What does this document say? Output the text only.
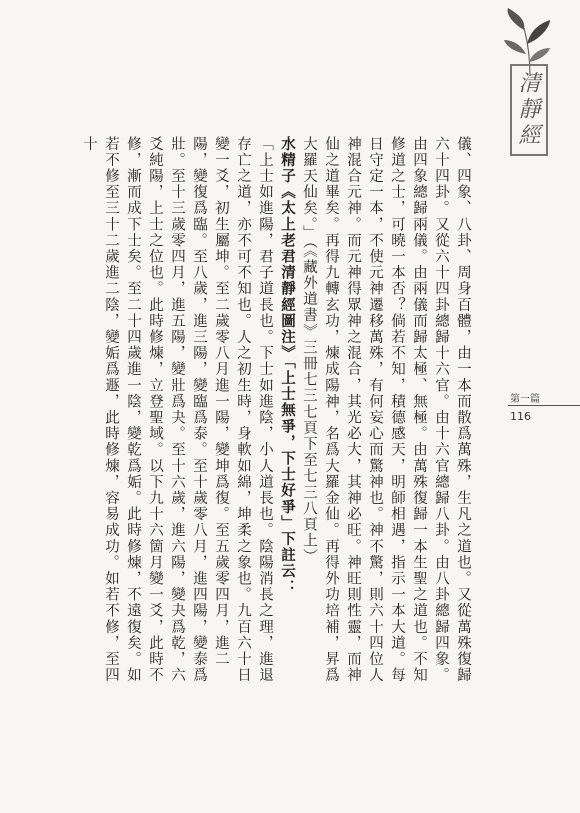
清靜經
第一篇
116

儀、四象、八卦、周身百體，由一本而散爲萬殊，生凡之道也。又從萬殊復歸六十四卦。又從六十四卦總歸十六官。由十六官總歸八卦。由八卦總歸四象。由四象總歸兩儀。由兩儀而歸太極、無極。由萬殊復歸一本生聖之道也。不知修道之士，可曉一本否？倘若不知，積德感天，明師相遇，指示一本大道。每日守定一本，不使元神遷移萬殊，有何妄心而驚神也。神不驚，則六十四位人神混合元神。而元神得眾神之混合，其光必大，其神必旺。神旺則性靈，而神仙之道畢矣。再得九轉玄功，煉成陽神，名爲大羅金仙。再得外功培補，昇爲大羅天仙矣。」（《藏外道書》三冊七三七頁下至七三八頁上）

水精子《太上老君清靜經圖注》「上士無爭，下士好爭」下註云：

「上士如進陽，君子道長也。下士如進陰，小人道長也。陰陽消長之理，進退存亡之道，亦不可不知也。人之初生時，身軟如綿，坤柔之象也。九百六十日變一爻，初生屬坤。至二歲零八月進一陽，變坤爲復。至五歲零四月，進二陽，變復爲臨。至八歲，進三陽，變臨爲泰。至十歲零八月，進四陽，變泰爲壯。至十三歲零四月，進五陽，變壯爲夬。至十六歲，進六陽，變夬爲乾，六爻純陽，上士之位也。此時修煉，立登聖域。以下九十六箇月變一爻，此時不修，漸而成下士矣。至二十四歲進一陰，變乾爲姤。此時修煉，不遠復矣。如若不修至三十二歲進二陰，變姤爲遯，此時修煉，容易成功。如若不修，至四十
